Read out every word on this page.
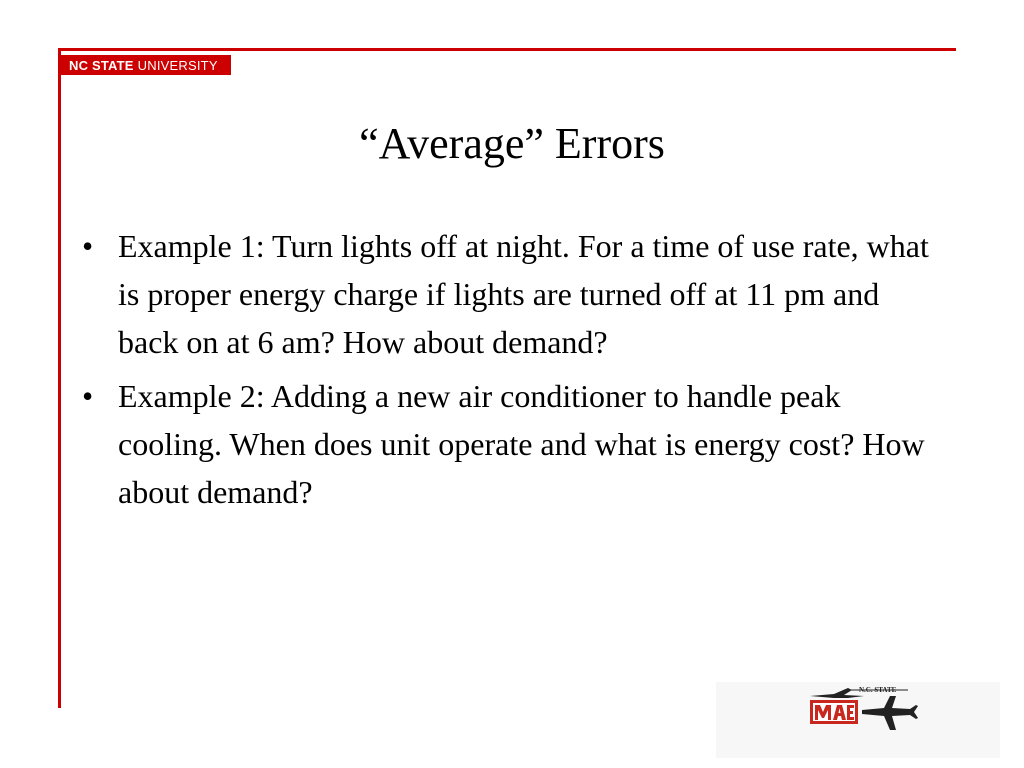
NC STATE UNIVERSITY
“Average” Errors
• Example 1: Turn lights off at night. For a time of use rate, what is proper energy charge if lights are turned off at 11 pm and back on at 6 am? How about demand?
• Example 2: Adding a new air conditioner to handle peak cooling. When does unit operate and what is energy cost? How about demand?
N.C. STATE
